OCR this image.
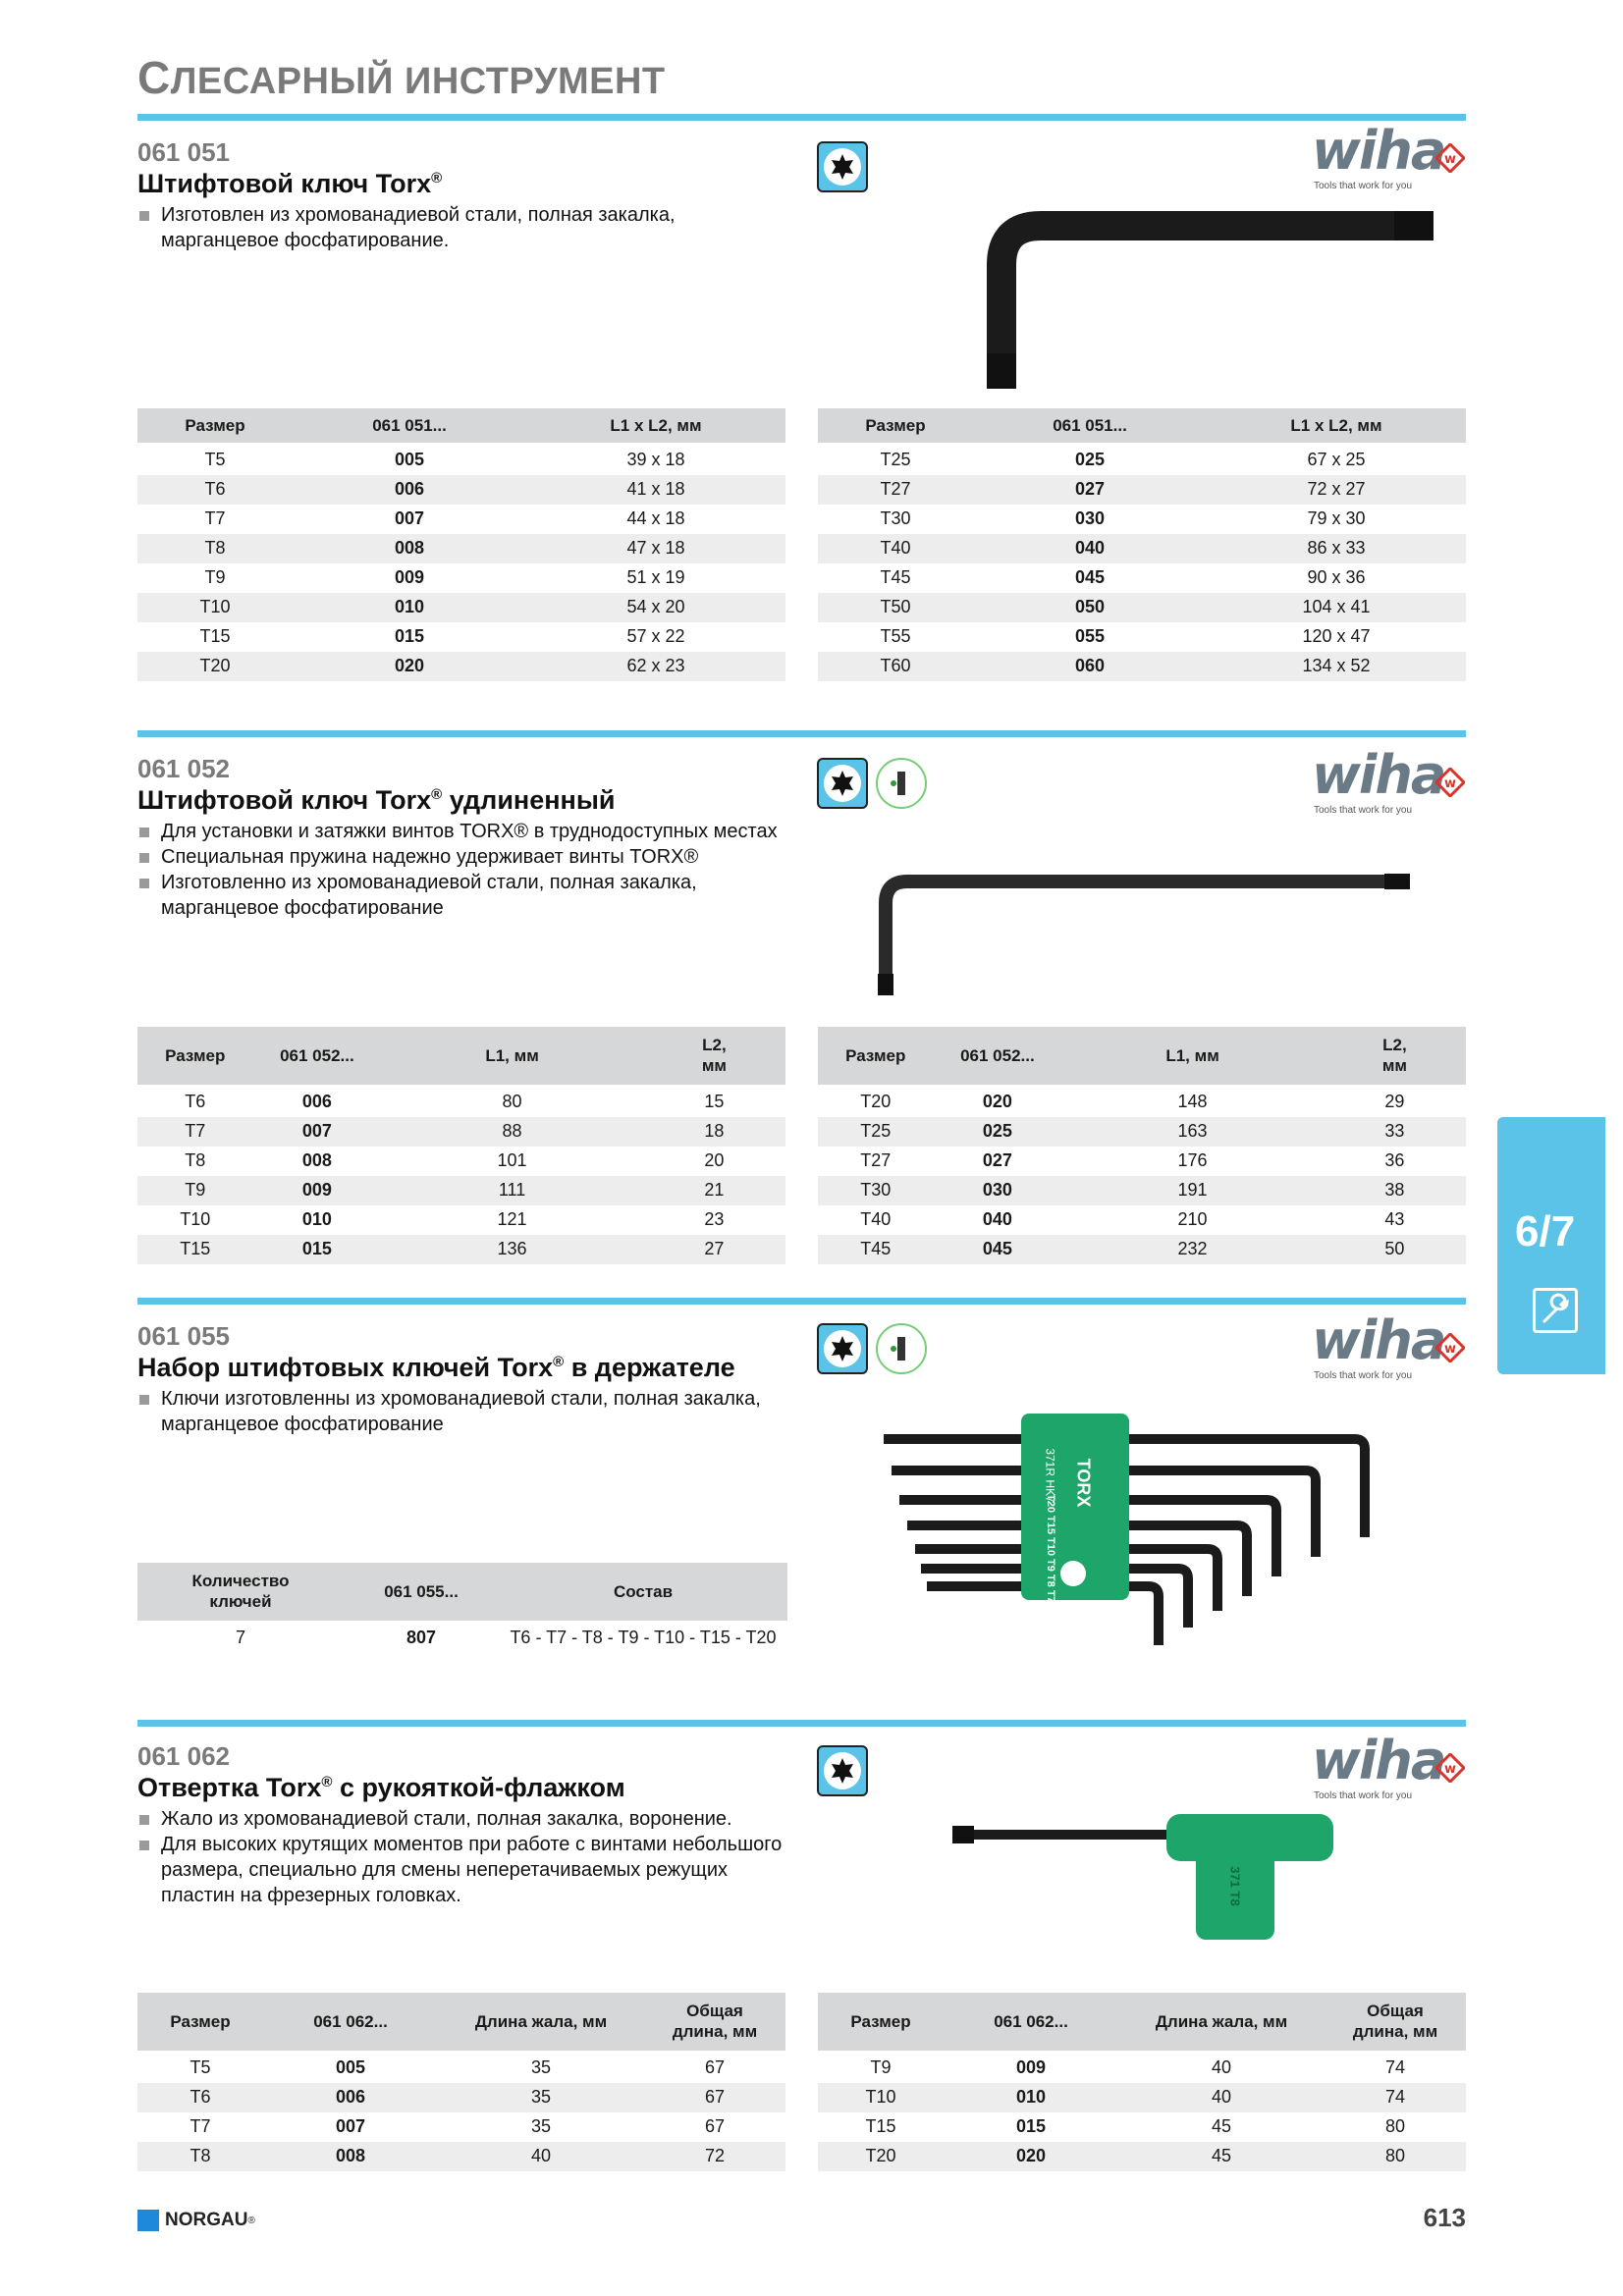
СЛЕСАРНЫЙ ИНСТРУМЕНТ
061 051
Штифтовой ключ Torx®
Изготовлен из хромованадиевой стали, полная закалка, марганцевое фосфатирование.
wiha
Tools that work for you
w
Размер	061 051...	L1 x L2, мм
T5	005	39 x 18
T6	006	41 x 18
T7	007	44 x 18
T8	008	47 x 18
T9	009	51 x 19
T10	010	54 x 20
T15	015	57 x 22
T20	020	62 x 23
Размер	061 051...	L1 x L2, мм
T25	025	67 x 25
T27	027	72 x 27
T30	030	79 x 30
T40	040	86 x 33
T45	045	90 x 36
T50	050	104 x 41
T55	055	120 x 47
T60	060	134 x 52
061 052
Штифтовой ключ Torx® удлиненный
Для установки и затяжки винтов TORX® в труднодоступных местах
Специальная пружина надежно удерживает винты TORX®
Изготовленно из хромованадиевой стали, полная закалка, марганцевое фосфатирование
wiha
Tools that work for you
w
Размер	061 052...	L1, мм	L2, мм
T6	006	80	15
T7	007	88	18
T8	008	101	20
T9	009	111	21
T10	010	121	23
T15	015	136	27
Размер	061 052...	L1, мм	L2, мм
T20	020	148	29
T25	025	163	33
T27	027	176	36
T30	030	191	38
T40	040	210	43
T45	045	232	50
061 055
Набор штифтовых ключей Torx® в держателе
Ключи изготовленны из хромованадиевой стали, полная закалка, марганцевое фосфатирование
wiha
Tools that work for you
w
TORX
371R HK7
T20 T15 T10 T9 T8 T7 T6
Количество ключей	061 055...	Состав
7	807	T6 - T7 - T8 - T9 - T10 - T15 - T20
061 062
Отвертка Torx® с рукояткой-флажком
Жало из хромованадиевой стали, полная закалка, воронение.
Для высоких крутящих моментов при работе с винтами небольшого размера, специально для смены неперетачиваемых режущих пластин на фрезерных головках.
wiha
Tools that work for you
w
371 T8
Размер	061 062...	Длина жала, мм	Общая длина, мм
T5	005	35	67
T6	006	35	67
T7	007	35	67
T8	008	40	72
Размер	061 062...	Длина жала, мм	Общая длина, мм
T9	009	40	74
T10	010	40	74
T15	015	45	80
T20	020	45	80
6/7
NORGAU ®	613
